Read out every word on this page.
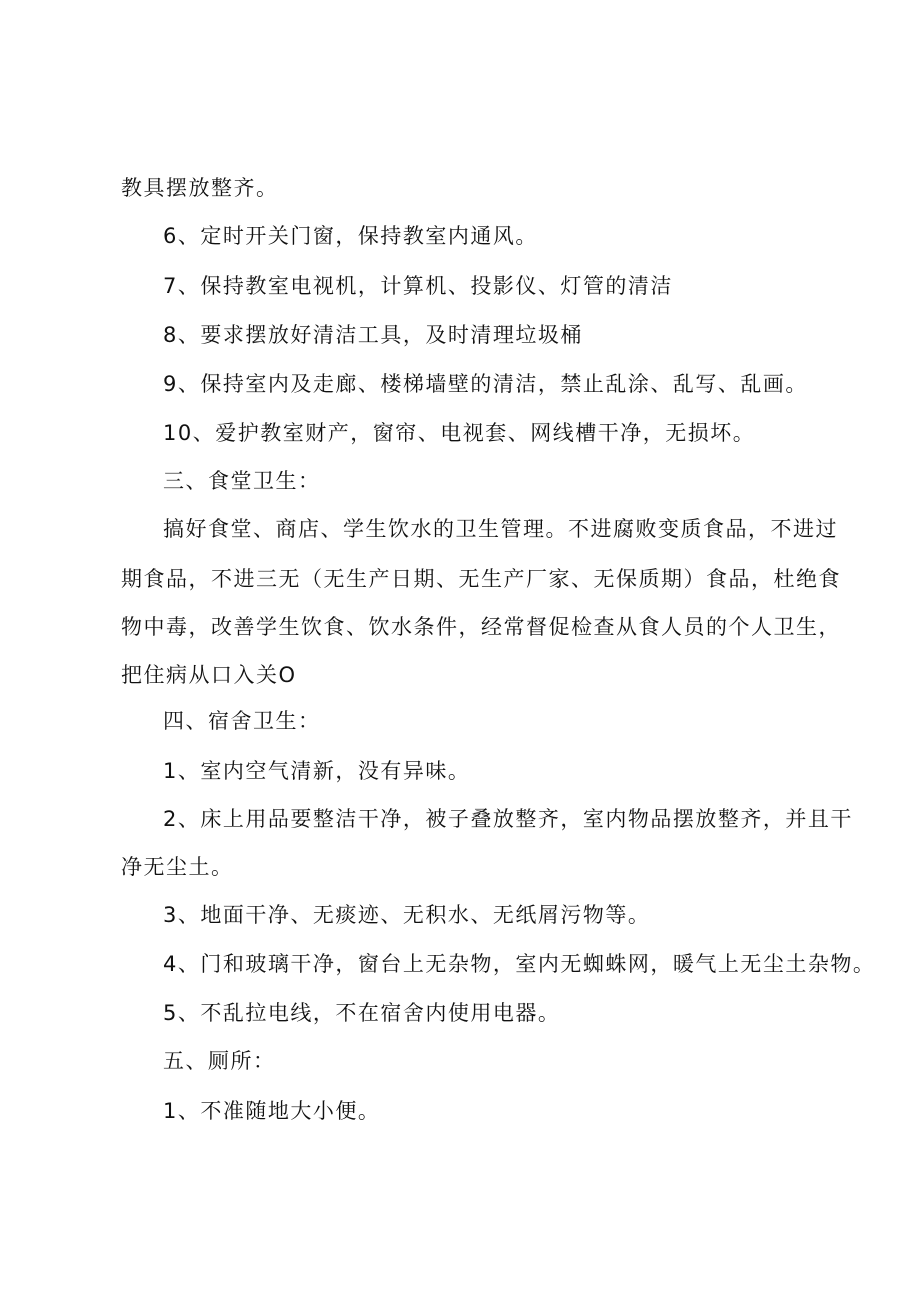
教具摆放整齐。
6、定时开关门窗，保持教室内通风。
7、保持教室电视机，计算机、投影仪、灯管的清洁
8、要求摆放好清洁工具，及时清理垃圾桶
9、保持室内及走廊、楼梯墙壁的清洁，禁止乱涂、乱写、乱画。
10、爱护教室财产，窗帘、电视套、网线槽干净，无损坏。
三、食堂卫生：
搞好食堂、商店、学生饮水的卫生管理。不进腐败变质食品，不进过
期食品，不进三无（无生产日期、无生产厂家、无保质期）食品，杜绝食
物中毒，改善学生饮食、饮水条件，经常督促检查从食人员的个人卫生，
把住病从口入关O
四、宿舍卫生：
1、室内空气清新，没有异味。
2、床上用品要整洁干净，被子叠放整齐，室内物品摆放整齐，并且干
净无尘土。
3、地面干净、无痰迹、无积水、无纸屑污物等。
4、门和玻璃干净，窗台上无杂物，室内无蜘蛛网，暖气上无尘土杂物。
5、不乱拉电线，不在宿舍内使用电器。
五、厕所：
1、不准随地大小便。
